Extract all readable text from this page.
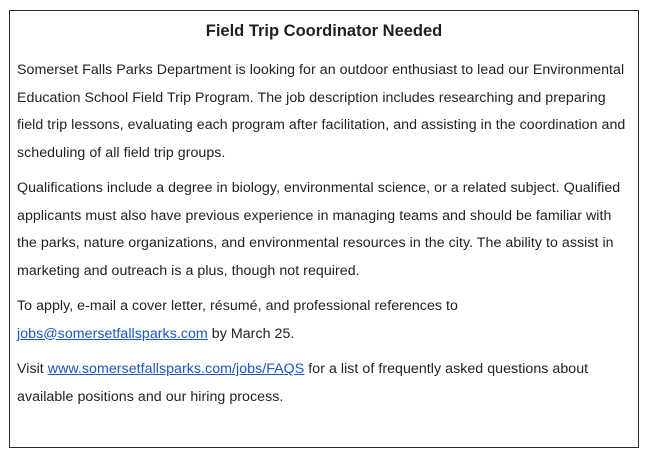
Field Trip Coordinator Needed

Somerset Falls Parks Department is looking for an outdoor enthusiast to lead our Environmental Education School Field Trip Program. The job description includes researching and preparing field trip lessons, evaluating each program after facilitation, and assisting in the coordination and scheduling of all field trip groups.

Qualifications include a degree in biology, environmental science, or a related subject. Qualified applicants must also have previous experience in managing teams and should be familiar with the parks, nature organizations, and environmental resources in the city. The ability to assist in marketing and outreach is a plus, though not required.

To apply, e-mail a cover letter, résumé, and professional references to
jobs@somersetfallsparks.com by March 25.

Visit www.somersetfallsparks.com/jobs/FAQS for a list of frequently asked questions about available positions and our hiring process.
